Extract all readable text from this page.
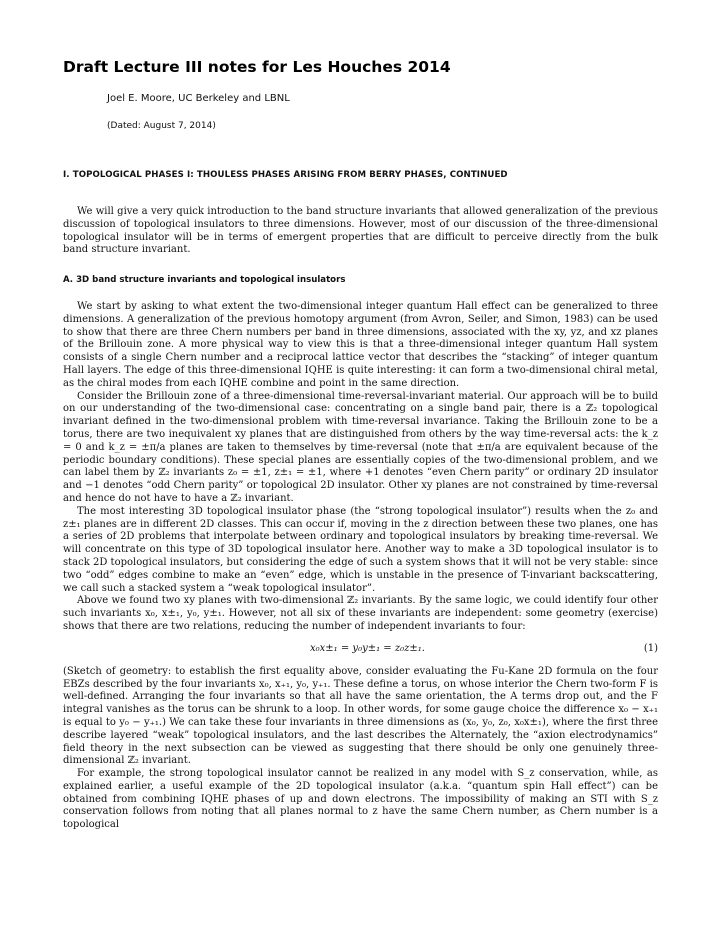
Draft Lecture III notes for Les Houches 2014
Joel E. Moore, UC Berkeley and LBNL
(Dated: August 7, 2014)
I. TOPOLOGICAL PHASES I: THOULESS PHASES ARISING FROM BERRY PHASES, CONTINUED
We will give a very quick introduction to the band structure invariants that allowed generalization of the previous discussion of topological insulators to three dimensions. However, most of our discussion of the three-dimensional topological insulator will be in terms of emergent properties that are difficult to perceive directly from the bulk band structure invariant.
A. 3D band structure invariants and topological insulators

We start by asking to what extent the two-dimensional integer quantum Hall effect can be generalized to three dimensions. A generalization of the previous homotopy argument (from Avron, Seiler, and Simon, 1983) can be used to show that there are three Chern numbers per band in three dimensions, associated with the xy, yz, and xz planes of the Brillouin zone. A more physical way to view this is that a three-dimensional integer quantum Hall system consists of a single Chern number and a reciprocal lattice vector that describes the “stacking” of integer quantum Hall layers. The edge of this three-dimensional IQHE is quite interesting: it can form a two-dimensional chiral metal, as the chiral modes from each IQHE combine and point in the same direction.

Consider the Brillouin zone of a three-dimensional time-reversal-invariant material. Our approach will be to build on our understanding of the two-dimensional case: concentrating on a single band pair, there is a ℤ₂ topological invariant defined in the two-dimensional problem with time-reversal invariance. Taking the Brillouin zone to be a torus, there are two inequivalent xy planes that are distinguished from others by the way time-reversal acts: the k_z = 0 and k_z = ±π/a planes are taken to themselves by time-reversal (note that ±π/a are equivalent because of the periodic boundary conditions). These special planes are essentially copies of the two-dimensional problem, and we can label them by ℤ₂ invariants z₀ = ±1, z±₁ = ±1, where +1 denotes “even Chern parity” or ordinary 2D insulator and −1 denotes “odd Chern parity” or topological 2D insulator. Other xy planes are not constrained by time-reversal and hence do not have to have a ℤ₂ invariant.

The most interesting 3D topological insulator phase (the “strong topological insulator”) results when the z₀ and z±₁ planes are in different 2D classes. This can occur if, moving in the z direction between these two planes, one has a series of 2D problems that interpolate between ordinary and topological insulators by breaking time-reversal. We will concentrate on this type of 3D topological insulator here. Another way to make a 3D topological insulator is to stack 2D topological insulators, but considering the edge of such a system shows that it will not be very stable: since two “odd” edges combine to make an “even” edge, which is unstable in the presence of T-invariant backscattering, we call such a stacked system a “weak topological insulator”.

Above we found two xy planes with two-dimensional ℤ₂ invariants. By the same logic, we could identify four other such invariants x₀, x±₁, y₀, y±₁. However, not all six of these invariants are independent: some geometry (exercise) shows that there are two relations, reducing the number of independent invariants to four:

x₀x±₁ = y₀y±₁ = z₀z±₁.	(1)

(Sketch of geometry: to establish the first equality above, consider evaluating the Fu-Kane 2D formula on the four EBZs described by the four invariants x₀, x₊₁, y₀, y₊₁. These define a torus, on whose interior the Chern two-form F is well-defined. Arranging the four invariants so that all have the same orientation, the A terms drop out, and the F integral vanishes as the torus can be shrunk to a loop. In other words, for some gauge choice the difference x₀ − x₊₁ is equal to y₀ − y₊₁.) We can take these four invariants in three dimensions as (x₀, y₀, z₀, x₀x±₁), where the first three describe layered “weak” topological insulators, and the last describes the Alternately, the “axion electrodynamics” field theory in the next subsection can be viewed as suggesting that there should be only one genuinely three-dimensional ℤ₂ invariant.

For example, the strong topological insulator cannot be realized in any model with S_z conservation, while, as explained earlier, a useful example of the 2D topological insulator (a.k.a. “quantum spin Hall effect”) can be obtained from combining IQHE phases of up and down electrons. The impossibility of making an STI with S_z conservation follows from noting that all planes normal to z have the same Chern number, as Chern number is a topological
